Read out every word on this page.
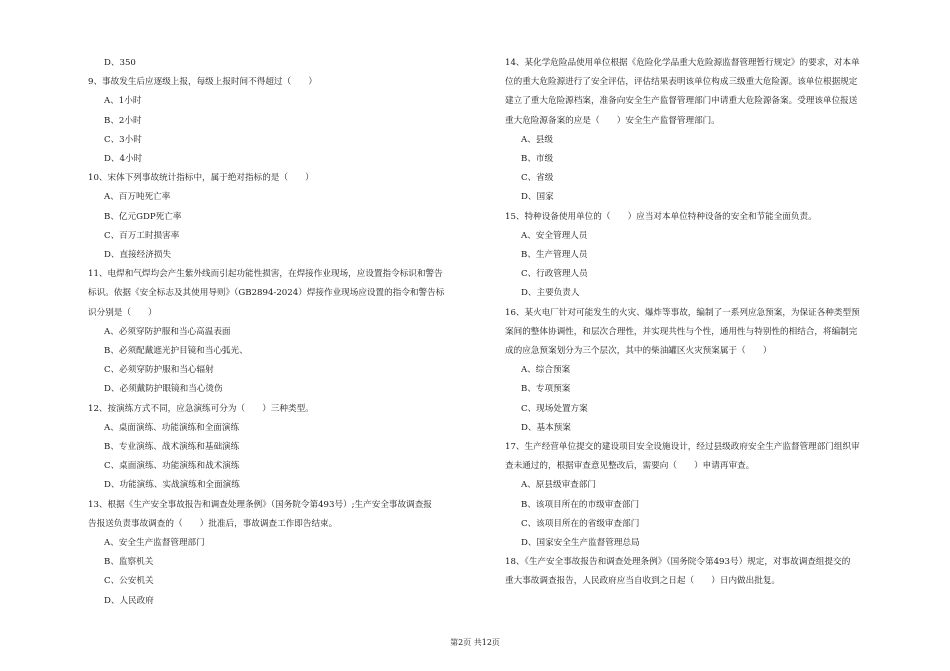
D、350
9、事故发生后应逐级上报，每级上报时间不得超过（　　）
A、1小时
B、2小时
C、3小时
D、4小时
10、宋体下列事故统计指标中，属于绝对指标的是（　　）
A、百万吨死亡率
B、亿元GDP死亡率
C、百万工时损害率
D、直接经济损失
11、电焊和气焊均会产生紫外线而引起功能性损害，在焊接作业现场，应设置指令标识和警告
标识。依据《安全标志及其使用导则》（GB2894-2024）焊接作业现场应设置的指令和警告标
识分别是（　　）
A、必须穿防护服和当心高温表面
B、必须配戴遮光护目镜和当心弧光、
C、必须穿防护服和当心辐射
D、必须戴防护眼镜和当心烫伤
12、按演练方式不同，应急演练可分为（　　）三种类型。
A、桌面演练、功能演练和全面演练
B、专业演练、战术演练和基础演练
C、桌面演练、功能演练和战术演练
D、功能演练、实战演练和全面演练
13、根据《生产安全事故报告和调查处理条例》（国务院令第493号）;生产安全事故调查报
告报送负责事故调查的（　　）批准后，事故调查工作即告结束。
A、安全生产监督管理部门
B、监察机关
C、公安机关
D、人民政府
14、某化学危险品使用单位根据《危险化学品重大危险源监督管理暂行规定》的要求，对本单
位的重大危险源进行了安全评估，评估结果表明该单位构成三级重大危险源。该单位根据规定
建立了重大危险源档案，准备向安全生产监督管理部门申请重大危险源备案。受理该单位报送
重大危险源备案的应是（　　）安全生产监督管理部门。
A、县级
B、市级
C、省级
D、国家
15、特种设备使用单位的（　　）应当对本单位特种设备的安全和节能全面负责。
A、安全管理人员
B、生产管理人员
C、行政管理人员
D、主要负责人
16、某火电厂针对可能发生的火灾、爆炸等事故，编制了一系列应急预案，为保证各种类型预
案间的整体协调性，和层次合理性，并实现共性与个性，通用性与特别性的相结合，将编制完
成的应急预案划分为三个层次，其中的柴油罐区火灾预案属于（　　）
A、综合预案
B、专项预案
C、现场处置方案
D、基本预案
17、生产经营单位提交的建设项目安全设施设计，经过县级政府安全生产监督管理部门组织审
查未通过的，根据审查意见整改后，需要向（　　）申请再审查。
A、原县级审查部门
B、该项目所在的市级审查部门
C、该项目所在的省级审查部门
D、国家安全生产监督管理总局
18、《生产安全事故报告和调查处理条例》（国务院令第493号）规定，对事故调查组提交的
重大事故调查报告，人民政府应当自收到之日起（　　）日内做出批复。
第2页 共12页
